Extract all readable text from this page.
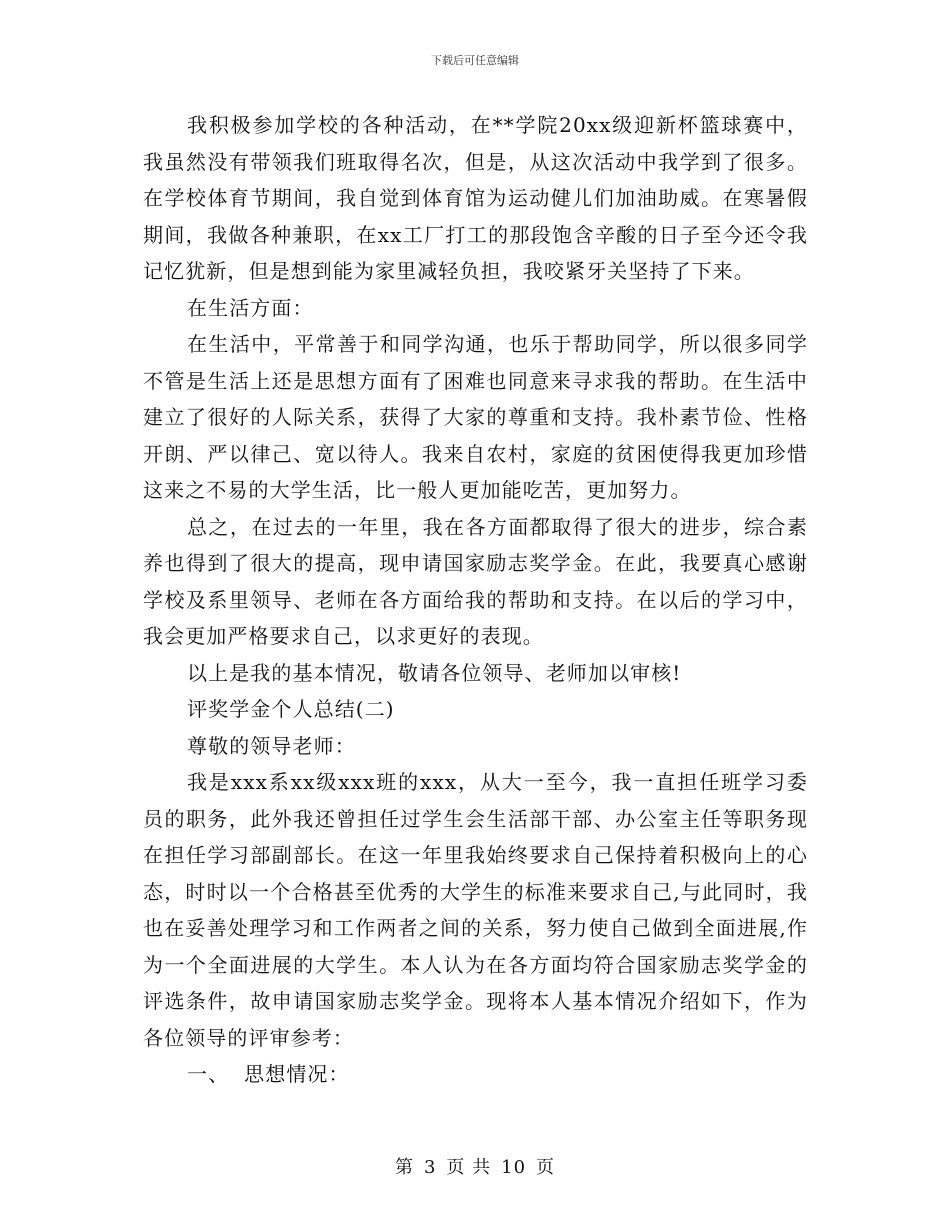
下载后可任意编辑

我积极参加学校的各种活动，在**学院20xx级迎新杯篮球赛中，我虽然没有带领我们班取得名次，但是，从这次活动中我学到了很多。在学校体育节期间，我自觉到体育馆为运动健儿们加油助威。在寒暑假期间，我做各种兼职，在xx工厂打工的那段饱含辛酸的日子至今还令我记忆犹新，但是想到能为家里减轻负担，我咬紧牙关坚持了下来。

在生活方面：

在生活中，平常善于和同学沟通，也乐于帮助同学，所以很多同学不管是生活上还是思想方面有了困难也同意来寻求我的帮助。在生活中建立了很好的人际关系，获得了大家的尊重和支持。我朴素节俭、性格开朗、严以律己、宽以待人。我来自农村，家庭的贫困使得我更加珍惜这来之不易的大学生活，比一般人更加能吃苦，更加努力。

总之，在过去的一年里，我在各方面都取得了很大的进步，综合素养也得到了很大的提高，现申请国家励志奖学金。在此，我要真心感谢学校及系里领导、老师在各方面给我的帮助和支持。在以后的学习中，我会更加严格要求自己，以求更好的表现。

以上是我的基本情况，敬请各位领导、老师加以审核!

评奖学金个人总结(二)

尊敬的领导老师：

我是xxx系xx级xxx班的xxx，从大一至今，我一直担任班学习委员的职务，此外我还曾担任过学生会生活部干部、办公室主任等职务现在担任学习部副部长。在这一年里我始终要求自己保持着积极向上的心态，时时以一个合格甚至优秀的大学生的标准来要求自己,与此同时，我也在妥善处理学习和工作两者之间的关系，努力使自己做到全面进展,作为一个全面进展的大学生。本人认为在各方面均符合国家励志奖学金的评选条件，故申请国家励志奖学金。现将本人基本情况介绍如下，作为各位领导的评审参考：

一、  思想情况：

第 3 页 共 10 页
